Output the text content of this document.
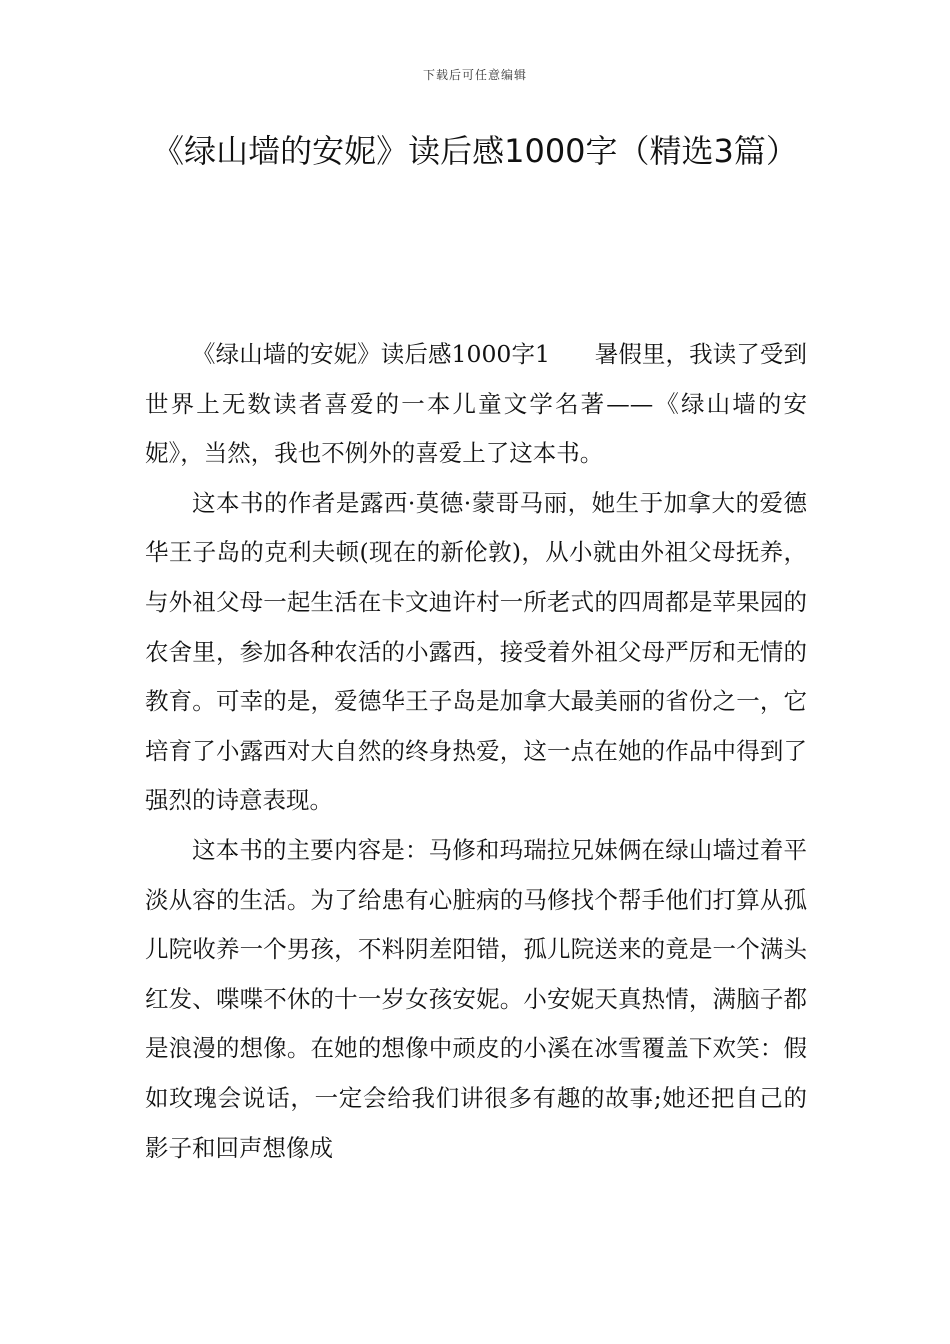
下载后可任意编辑
《绿山墙的安妮》读后感1000字（精选3篇）

《绿山墙的安妮》读后感1000字1 暑假里，我读了受到世界上无数读者喜爱的一本儿童文学名著——《绿山墙的安妮》，当然，我也不例外的喜爱上了这本书。

这本书的作者是露西·莫德·蒙哥马丽，她生于加拿大的爱德华王子岛的克利夫顿(现在的新伦敦)，从小就由外祖父母抚养，与外祖父母一起生活在卡文迪许村一所老式的四周都是苹果园的农舍里，参加各种农活的小露西，接受着外祖父母严厉和无情的教育。可幸的是，爱德华王子岛是加拿大最美丽的省份之一，它培育了小露西对大自然的终身热爱，这一点在她的作品中得到了强烈的诗意表现。

这本书的主要内容是：马修和玛瑞拉兄妹俩在绿山墙过着平淡从容的生活。为了给患有心脏病的马修找个帮手他们打算从孤儿院收养一个男孩，不料阴差阳错，孤儿院送来的竟是一个满头红发、喋喋不休的十一岁女孩安妮。小安妮天真热情，满脑子都是浪漫的想像。在她的想像中顽皮的小溪在冰雪覆盖下欢笑：假如玫瑰会说话，一定会给我们讲很多有趣的故事;她还把自己的影子和回声想像成
